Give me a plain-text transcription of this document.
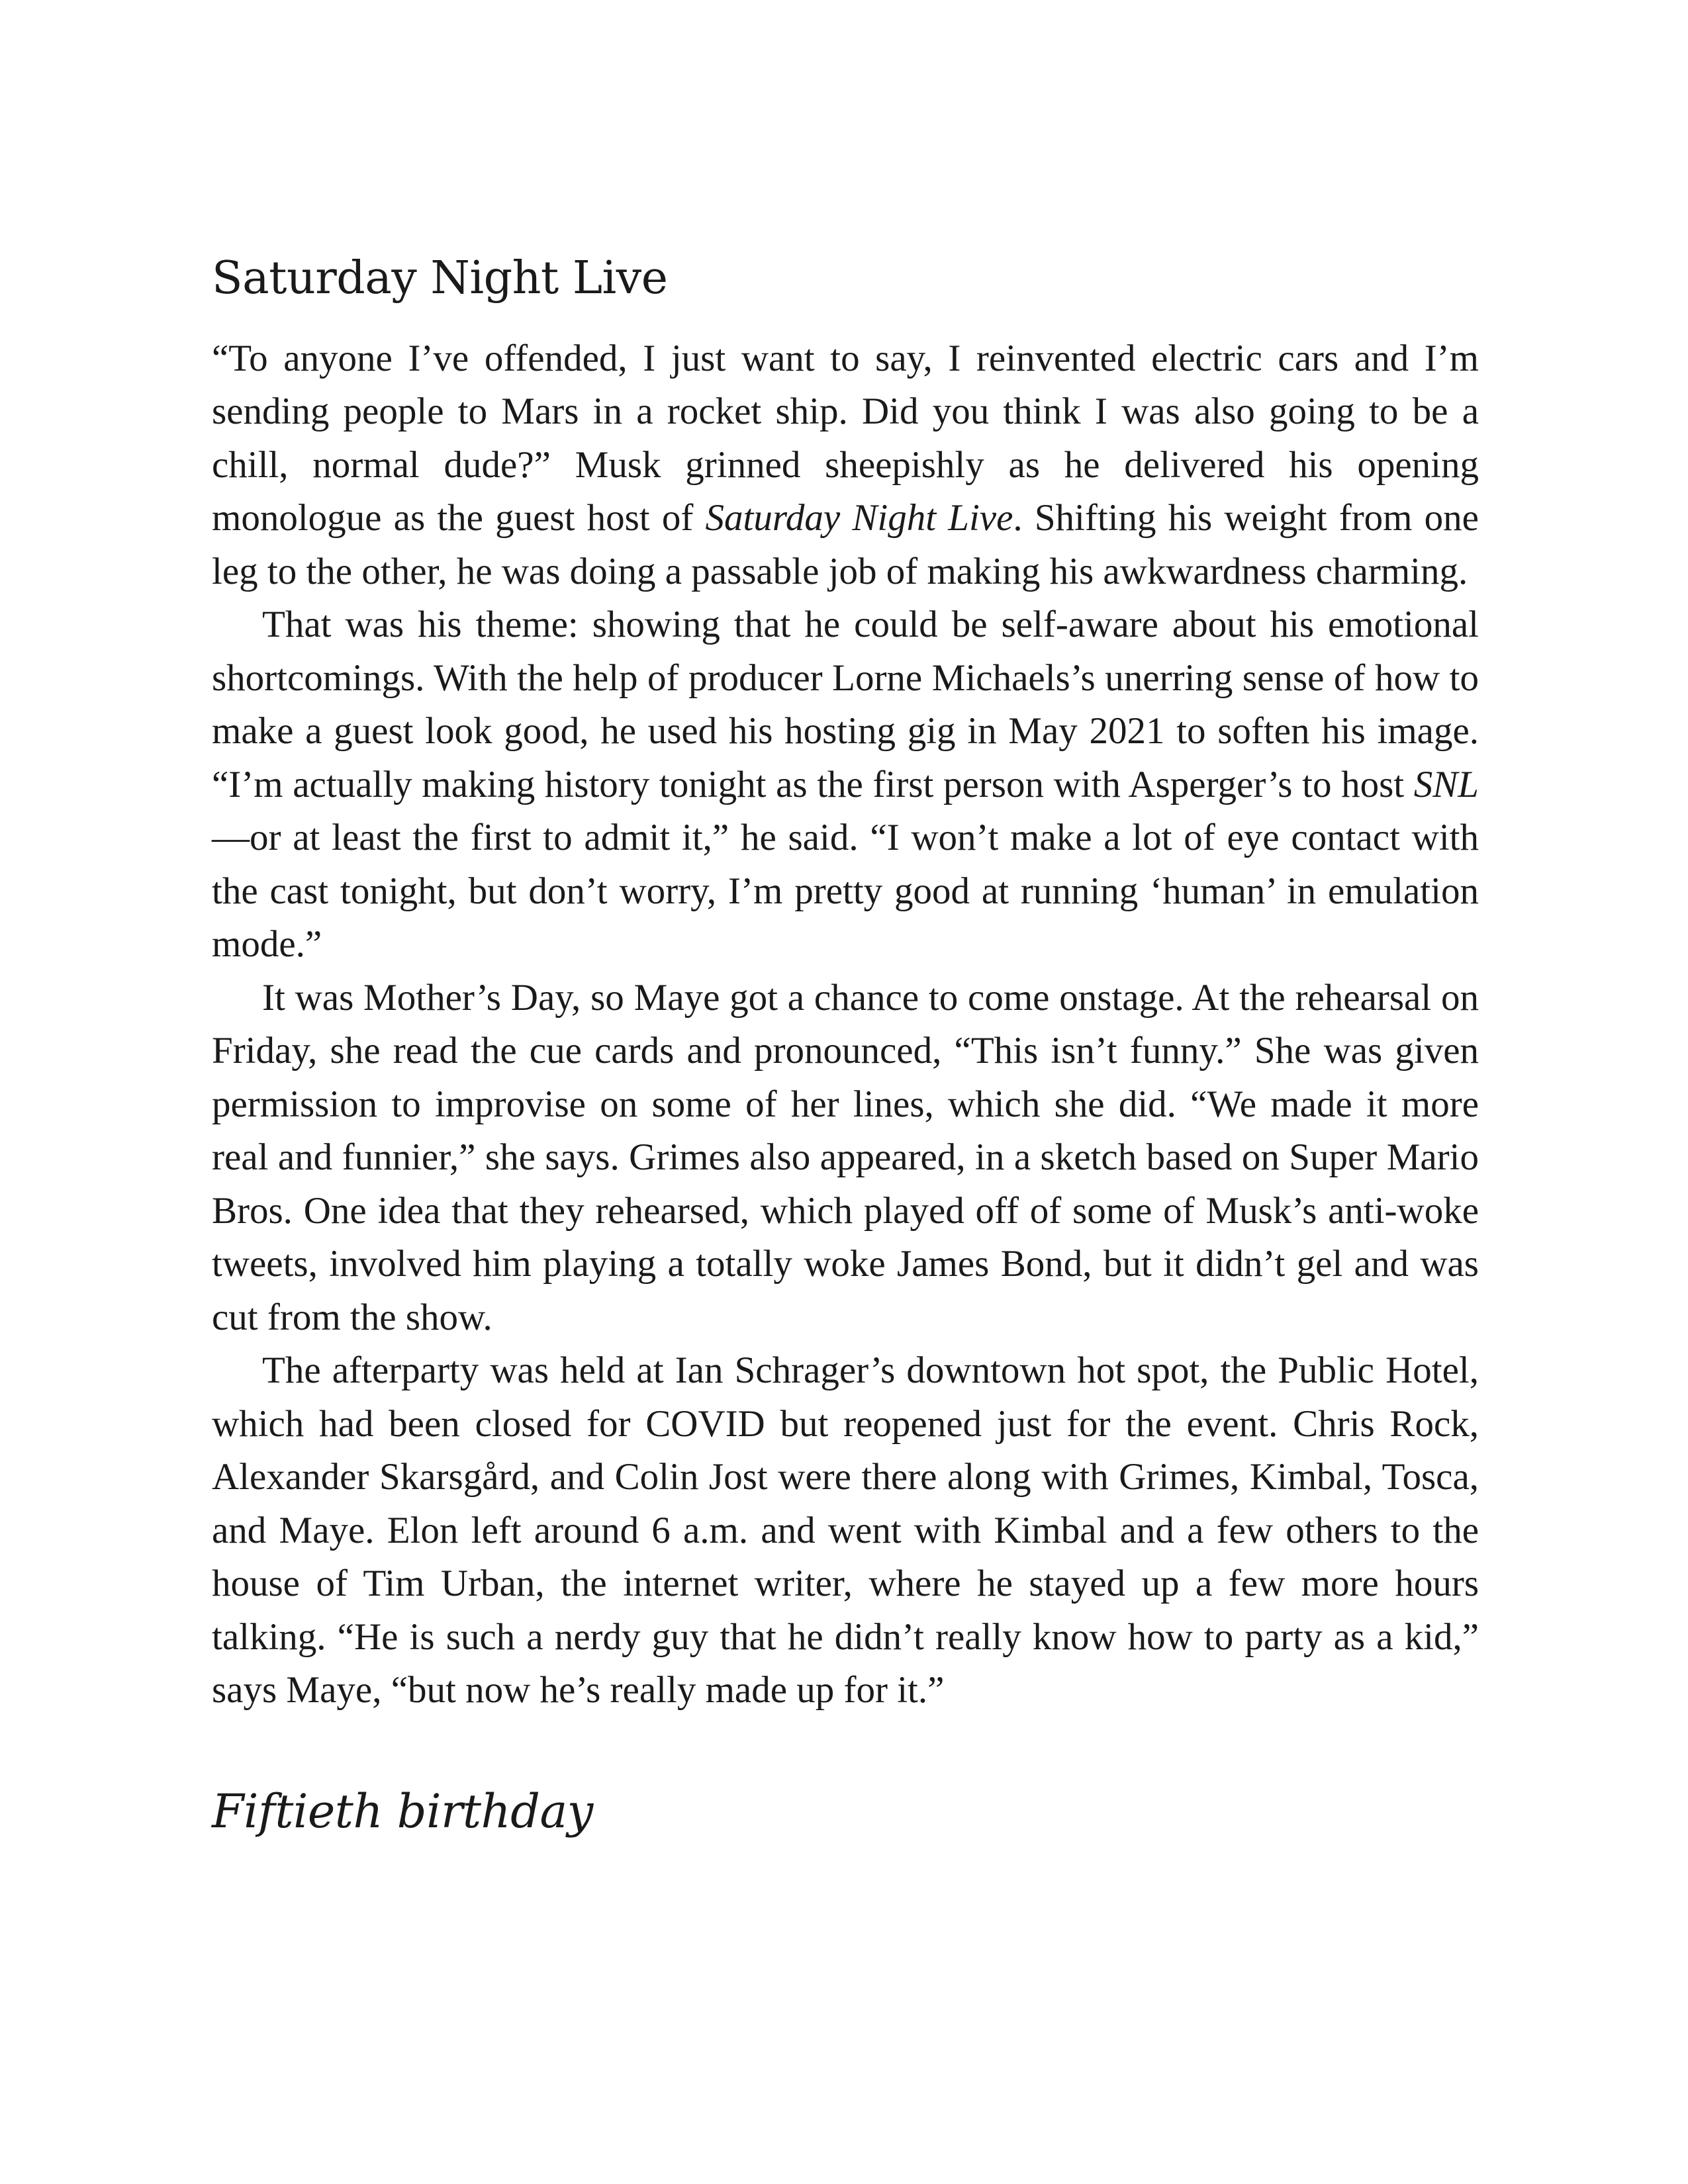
Saturday Night Live

“To anyone I’ve offended, I just want to say, I reinvented electric cars and I’m sending people to Mars in a rocket ship. Did you think I was also going to be a chill, normal dude?” Musk grinned sheepishly as he delivered his opening monologue as the guest host of Saturday Night Live. Shifting his weight from one leg to the other, he was doing a passable job of making his awkwardness charming.

That was his theme: showing that he could be self-aware about his emotional shortcomings. With the help of producer Lorne Michaels’s unerring sense of how to make a guest look good, he used his hosting gig in May 2021 to soften his image. “I’m actually making history tonight as the first person with Asperger’s to host SNL—or at least the first to admit it,” he said. “I won’t make a lot of eye contact with the cast tonight, but don’t worry, I’m pretty good at running ‘human’ in emulation mode.”

It was Mother’s Day, so Maye got a chance to come onstage. At the rehearsal on Friday, she read the cue cards and pronounced, “This isn’t funny.” She was given permission to improvise on some of her lines, which she did. “We made it more real and funnier,” she says. Grimes also appeared, in a sketch based on Super Mario Bros. One idea that they rehearsed, which played off of some of Musk’s anti-woke tweets, involved him playing a totally woke James Bond, but it didn’t gel and was cut from the show.

The afterparty was held at Ian Schrager’s downtown hot spot, the Public Hotel, which had been closed for COVID but reopened just for the event. Chris Rock, Alexander Skarsgård, and Colin Jost were there along with Grimes, Kimbal, Tosca, and Maye. Elon left around 6 a.m. and went with Kimbal and a few others to the house of Tim Urban, the internet writer, where he stayed up a few more hours talking. “He is such a nerdy guy that he didn’t really know how to party as a kid,” says Maye, “but now he’s really made up for it.”

Fiftieth birthday
